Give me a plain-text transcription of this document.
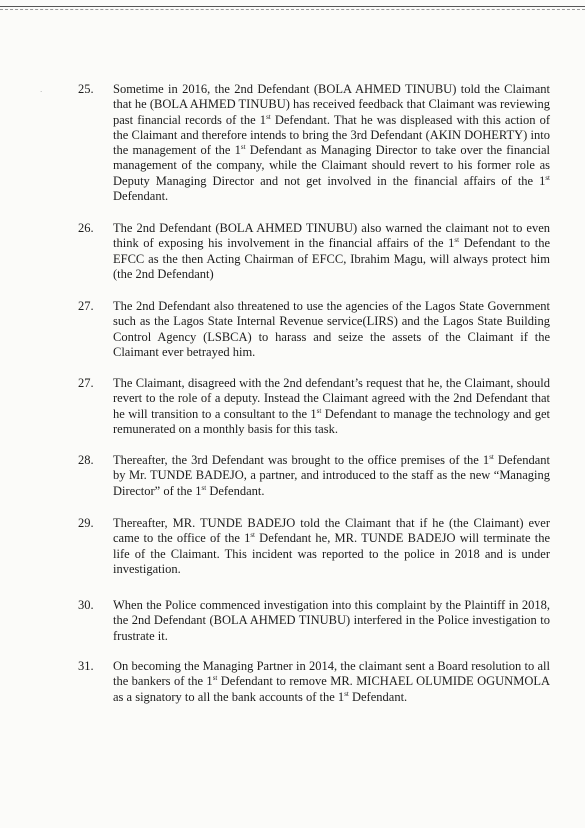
ˑ	25.	Sometime in 2016, the 2nd Defendant (BOLA AHMED TINUBU) told the Claimant that he (BOLA AHMED TINUBU) has received feedback that Claimant was reviewing past financial records of the 1st Defendant. That he was displeased with this action of the Claimant and therefore intends to bring the 3rd Defendant (AKIN DOHERTY) into the management of the 1st Defendant as Managing Director to take over the financial management of the company, while the Claimant should revert to his former role as Deputy Managing Director and not get involved in the financial affairs of the 1st Defendant.
26.	The 2nd Defendant (BOLA AHMED TINUBU) also warned the claimant not to even think of exposing his involvement in the financial affairs of the 1st Defendant to the EFCC as the then Acting Chairman of EFCC, Ibrahim Magu, will always protect him (the 2nd Defendant)
27.	The 2nd Defendant also threatened to use the agencies of the Lagos State Government such as the Lagos State Internal Revenue service(LIRS) and the Lagos State Building Control Agency (LSBCA) to harass and seize the assets of the Claimant if the Claimant ever betrayed him.
27.	The Claimant, disagreed with the 2nd defendant’s request that he, the Claimant, should revert to the role of a deputy. Instead the Claimant agreed with the 2nd Defendant that he will transition to a consultant to the 1st Defendant to manage the technology and get remunerated on a monthly basis for this task.
28.	Thereafter, the 3rd Defendant was brought to the office premises of the 1st Defendant by Mr. TUNDE BADEJO, a partner, and introduced to the staff as the new “Managing Director” of the 1st Defendant.
29.	Thereafter, MR. TUNDE BADEJO told the Claimant that if he (the Claimant) ever came to the office of the 1st Defendant he, MR. TUNDE BADEJO will terminate the life of the Claimant. This incident was reported to the police in 2018 and is under investigation.
30.	When the Police commenced investigation into this complaint by the Plaintiff in 2018, the 2nd Defendant (BOLA AHMED TINUBU) interfered in the Police investigation to frustrate it.
31.	On becoming the Managing Partner in 2014, the claimant sent a Board resolution to all the bankers of the 1st Defendant to remove MR. MICHAEL OLUMIDE OGUNMOLA as a signatory to all the bank accounts of the 1st Defendant.
